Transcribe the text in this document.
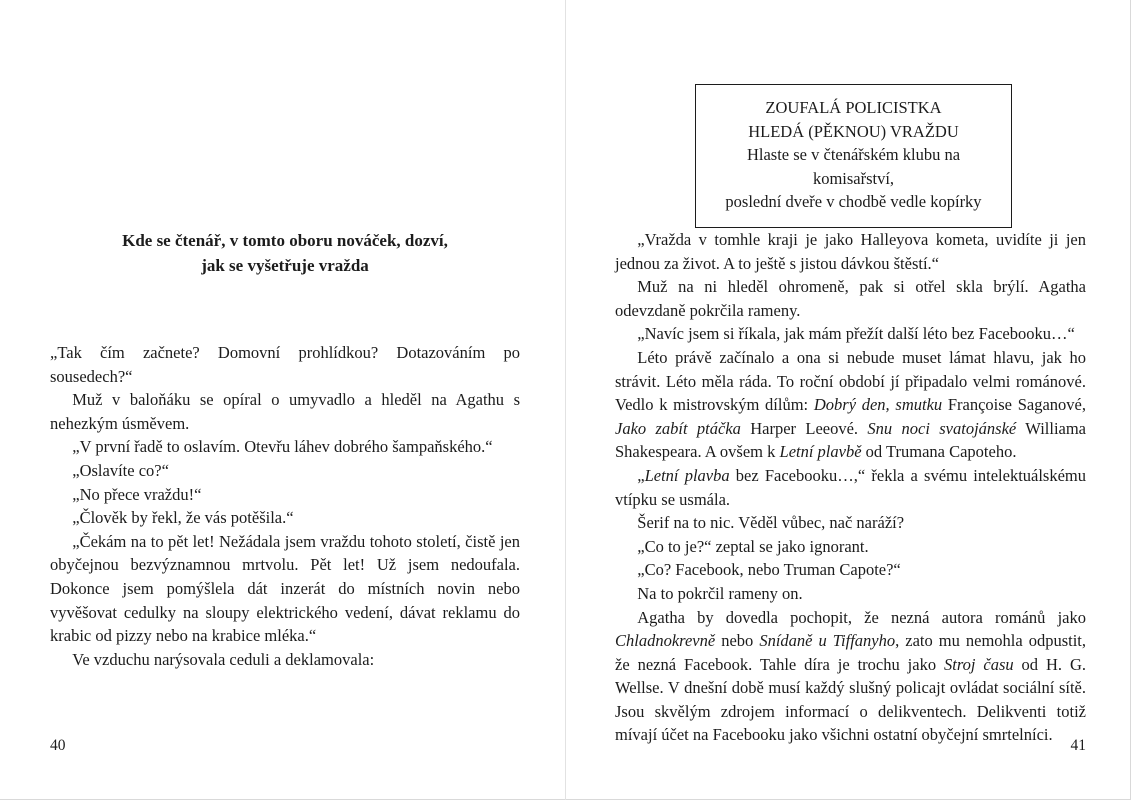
Kde se čtenář, v tomto oboru nováček, dozví,
jak se vyšetřuje vražda

„Tak čím začnete? Domovní prohlídkou? Dotazováním po sousedech?“

Muž v baloňáku se opíral o umyvadlo a hleděl na Agathu s nehezkým úsměvem.

„V první řadě to oslavím. Otevřu láhev dobrého šampaňského.“

„Oslavíte co?“

„No přece vraždu!“

„Člověk by řekl, že vás potěšila.“

„Čekám na to pět let! Nežádala jsem vraždu tohoto století, čistě jen obyčejnou bezvýznamnou mrtvolu. Pět let! Už jsem nedoufala. Dokonce jsem pomýšlela dát inzerát do místních novin nebo vyvěšovat cedulky na sloupy elektrického vedení, dávat reklamu do krabic od pizzy nebo na krabice mléka.“

Ve vzduchu narýsovala ceduli a deklamovala:

40
ZOUFALÁ POLICISTKA
HLEDÁ (PĚKNOU) VRAŽDU
Hlaste se v čtenářském klubu na komisařství,
poslední dveře v chodbě vedle kopírky

„Vražda v tomhle kraji je jako Halleyova kometa, uvidíte ji jen jednou za život. A to ještě s jistou dávkou štěstí.“

Muž na ni hleděl ohromeně, pak si otřel skla brýlí. Agatha odevzdaně pokrčila rameny.

„Navíc jsem si říkala, jak mám přežít další léto bez Facebooku…“

Léto právě začínalo a ona si nebude muset lámat hlavu, jak ho strávit. Léto měla ráda. To roční období jí připadalo velmi románové. Vedlo k mistrovským dílům: Dobrý den, smutku Françoise Saganové, Jako zabít ptáčka Harper Leeové. Snu noci svatojánské Williama Shakespeara. A ovšem k Letní plavbě od Trumana Capoteho.

„Letní plavba bez Facebooku…,“ řekla a svému intelektuálskému vtípku se usmála.

Šerif na to nic. Věděl vůbec, nač naráží?

„Co to je?“ zeptal se jako ignorant.

„Co? Facebook, nebo Truman Capote?“

Na to pokrčil rameny on.

Agatha by dovedla pochopit, že nezná autora románů jako Chladnokrevně nebo Snídaně u Tiffanyho, zato mu nemohla odpustit, že nezná Facebook. Tahle díra je trochu jako Stroj času od H. G. Wellse. V dnešní době musí každý slušný policajt ovládat sociální sítě. Jsou skvělým zdrojem informací o delikventech. Delikventi totiž mívají účet na Facebooku jako všichni ostatní obyčejní smrtelníci.

41
